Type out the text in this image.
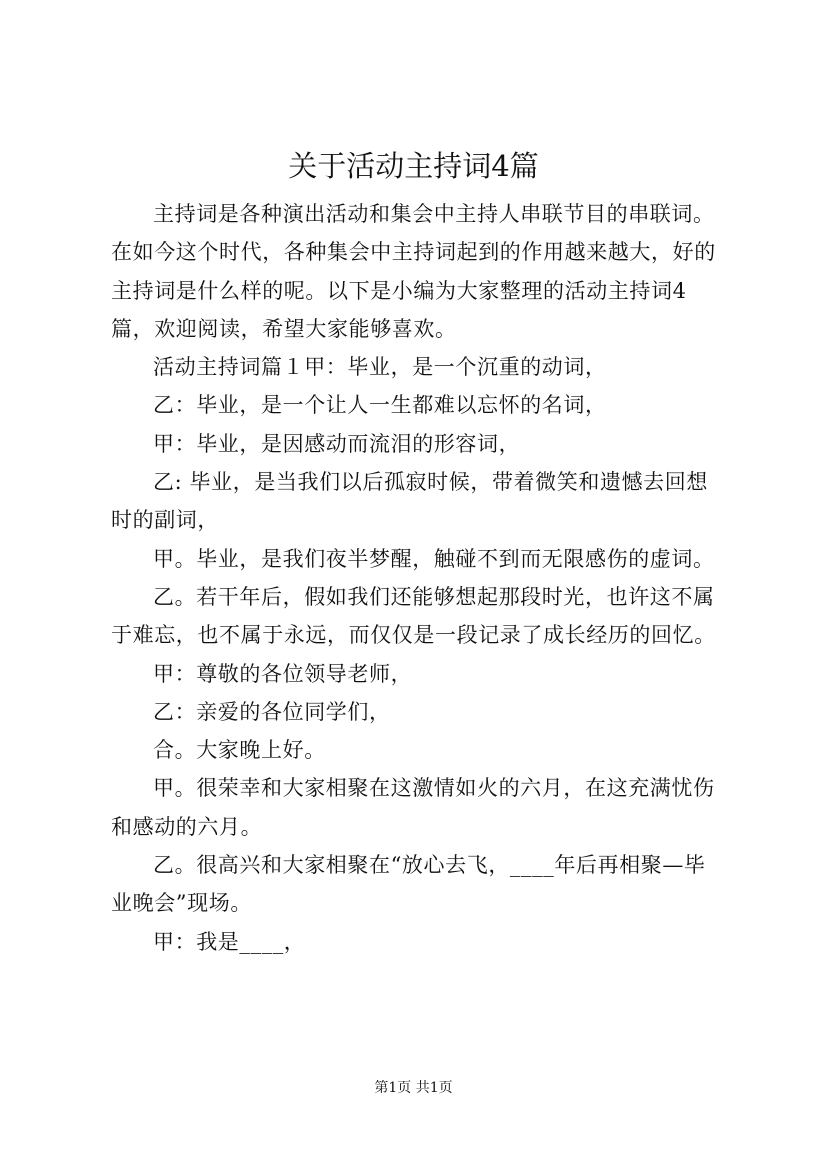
关于活动主持词4篇

主持词是各种演出活动和集会中主持人串联节目的串联词。在如今这个时代，各种集会中主持词起到的作用越来越大，好的主持词是什么样的呢。以下是小编为大家整理的活动主持词4篇，欢迎阅读，希望大家能够喜欢。

活动主持词篇１甲：毕业，是一个沉重的动词，

乙：毕业，是一个让人一生都难以忘怀的名词，

甲：毕业，是因感动而流泪的形容词，

乙: 毕业，是当我们以后孤寂时候，带着微笑和遗憾去回想时的副词，

甲。毕业，是我们夜半梦醒，触碰不到而无限感伤的虚词。

乙。若干年后，假如我们还能够想起那段时光，也许这不属于难忘，也不属于永远，而仅仅是一段记录了成长经历的回忆。

甲：尊敬的各位领导老师，

乙：亲爱的各位同学们，

合。大家晚上好。

甲。很荣幸和大家相聚在这激情如火的六月，在这充满忧伤和感动的六月。

乙。很高兴和大家相聚在“放心去飞，____年后再相聚—毕业晚会”现场。

甲：我是____，

第1页 共1页
